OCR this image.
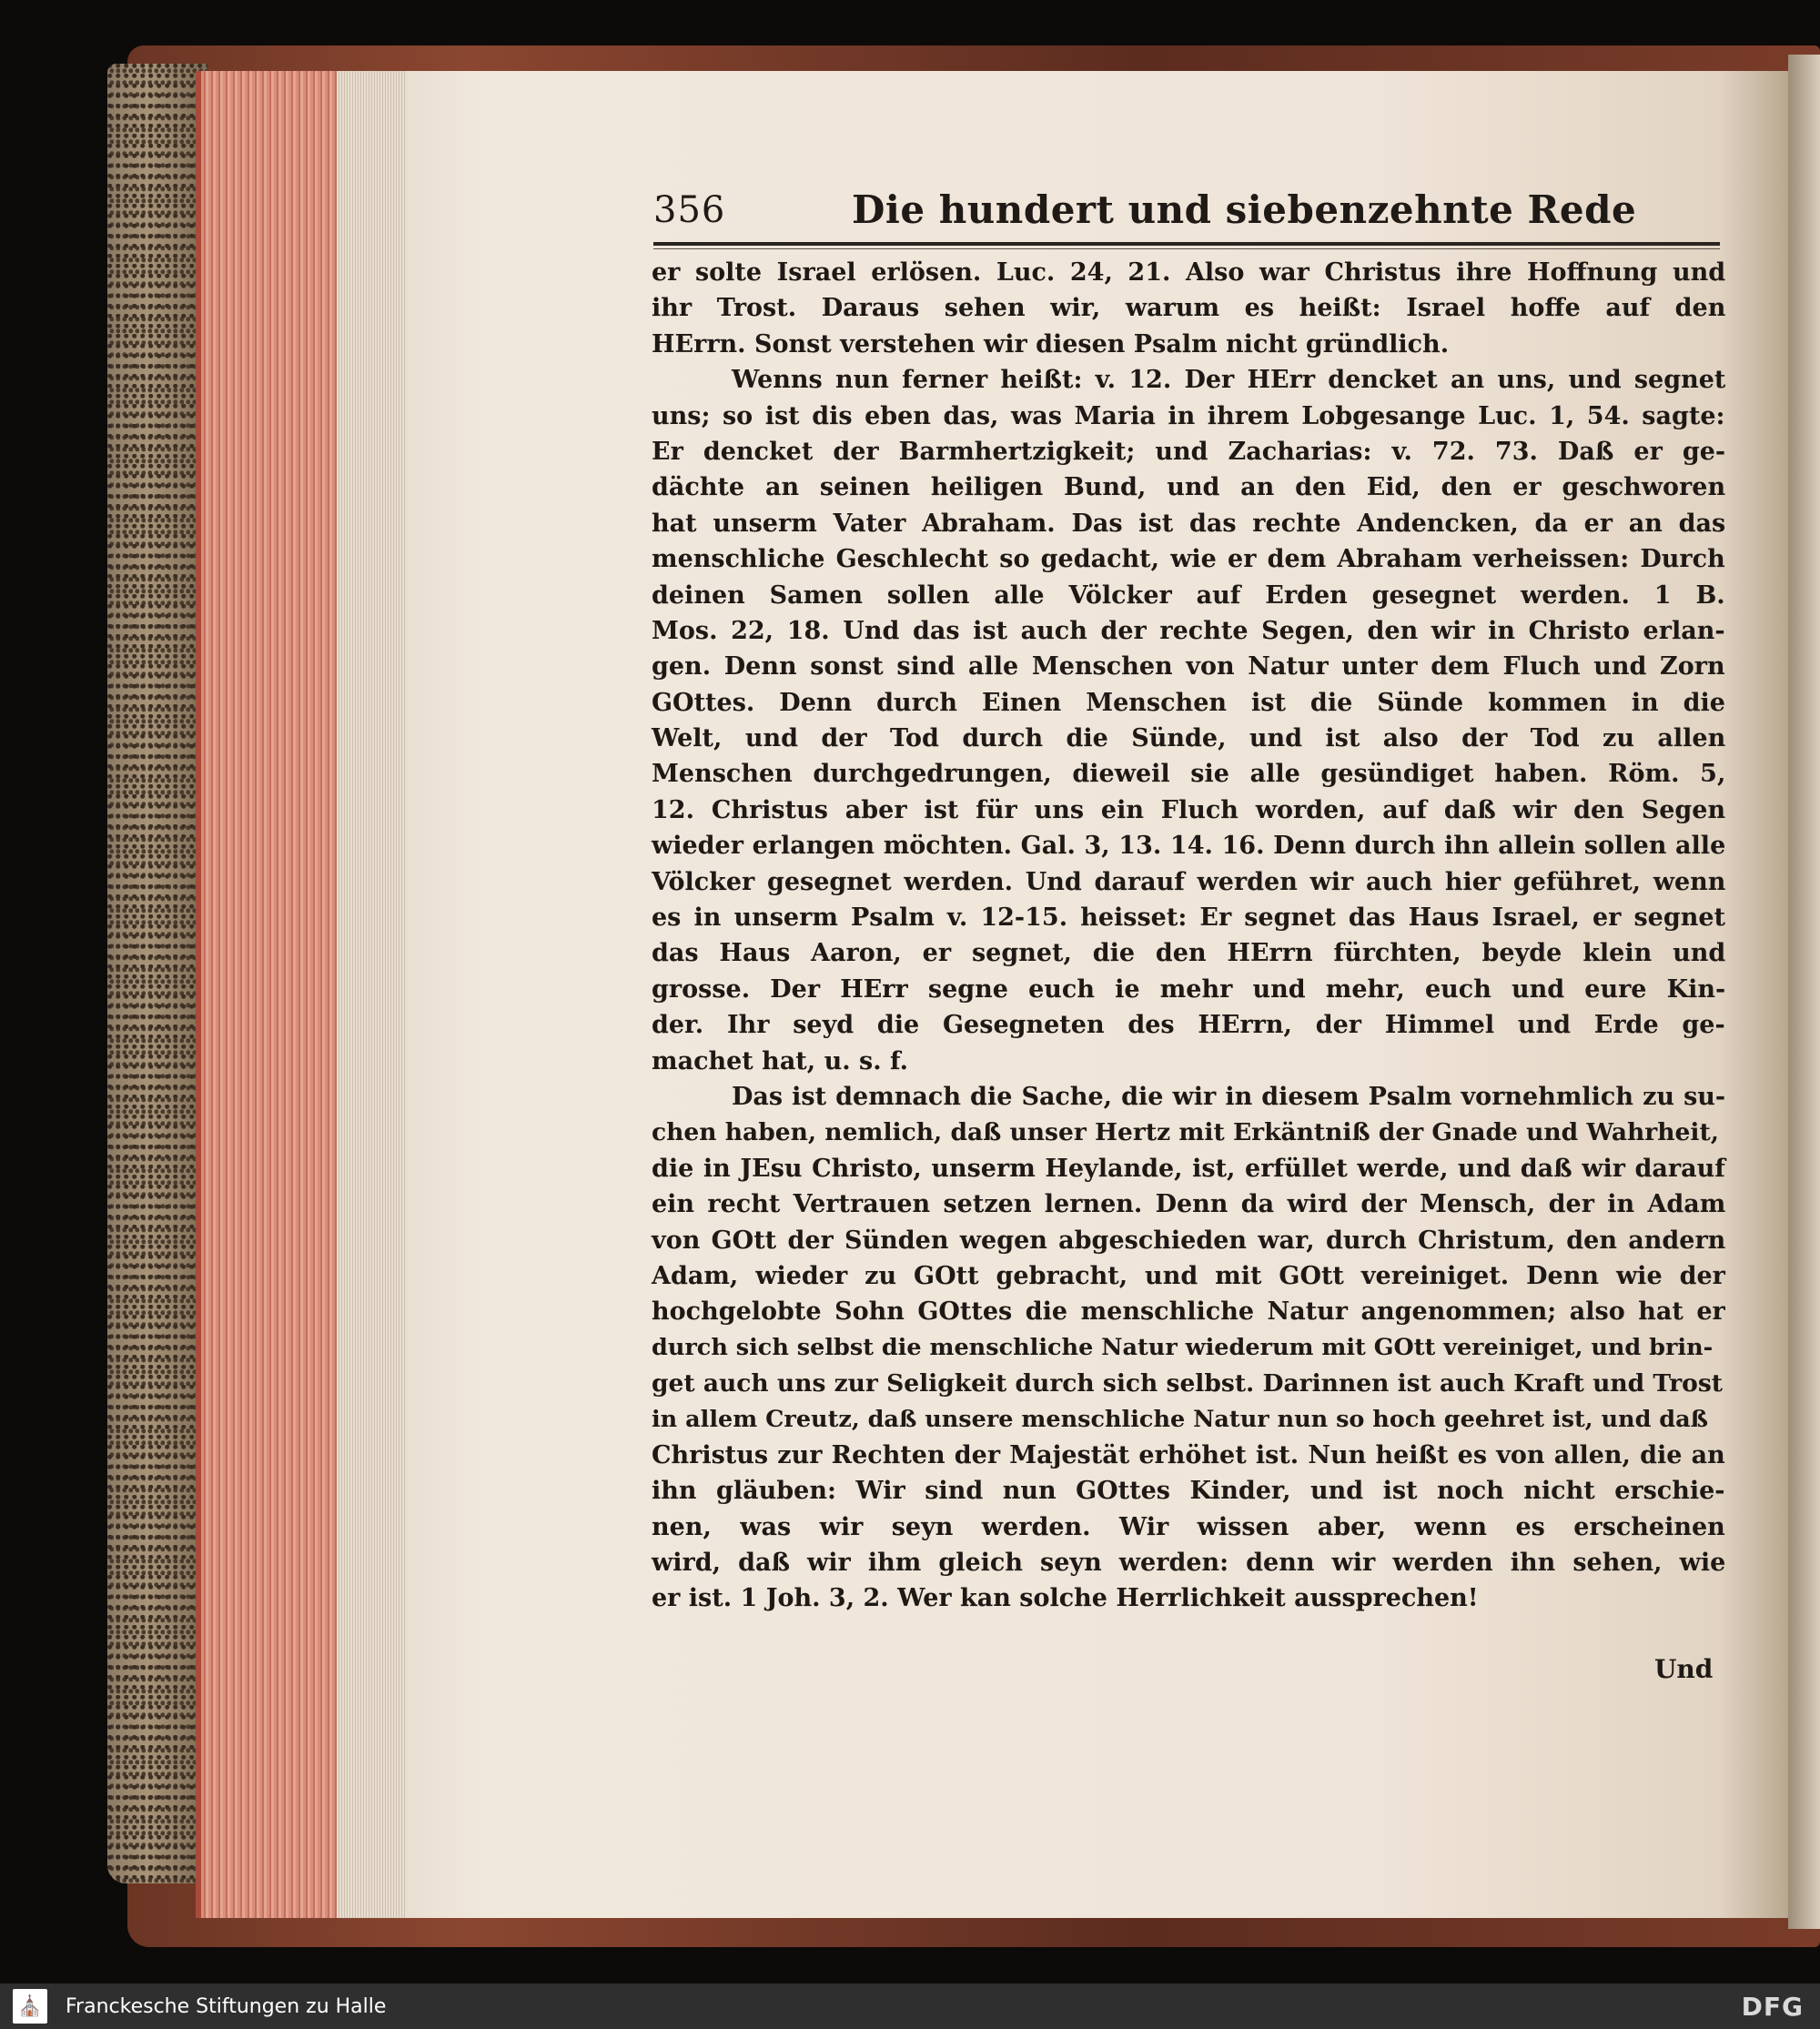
356	Die hundert und siebenzehnte Rede
er solte Israel erlösen. Luc. 24, 21. Also war Christus ihre Hoffnung und
ihr Trost. Daraus sehen wir, warum es heißt: Israel hoffe auf den
HErrn. Sonst verstehen wir diesen Psalm nicht gründlich.
Wenns nun ferner heißt: v. 12. Der HErr dencket an uns, und segnet
uns; so ist dis eben das, was Maria in ihrem Lobgesange Luc. 1, 54. sagte:
Er dencket der Barmhertzigkeit; und Zacharias: v. 72. 73. Daß er ge-
dächte an seinen heiligen Bund, und an den Eid, den er geschworen
hat unserm Vater Abraham. Das ist das rechte Andencken, da er an das
menschliche Geschlecht so gedacht, wie er dem Abraham verheissen: Durch
deinen Samen sollen alle Völcker auf Erden gesegnet werden. 1 B.
Mos. 22, 18. Und das ist auch der rechte Segen, den wir in Christo erlan-
gen. Denn sonst sind alle Menschen von Natur unter dem Fluch und Zorn
GOttes. Denn durch Einen Menschen ist die Sünde kommen in die
Welt, und der Tod durch die Sünde, und ist also der Tod zu allen
Menschen durchgedrungen, dieweil sie alle gesündiget haben. Röm. 5,
12. Christus aber ist für uns ein Fluch worden, auf daß wir den Segen
wieder erlangen möchten. Gal. 3, 13. 14. 16. Denn durch ihn allein sollen alle
Völcker gesegnet werden. Und darauf werden wir auch hier geführet, wenn
es in unserm Psalm v. 12-15. heisset: Er segnet das Haus Israel, er segnet
das Haus Aaron, er segnet, die den HErrn fürchten, beyde klein und
grosse. Der HErr segne euch ie mehr und mehr, euch und eure Kin-
der. Ihr seyd die Gesegneten des HErrn, der Himmel und Erde ge-
machet hat, u. s. f.
Das ist demnach die Sache, die wir in diesem Psalm vornehmlich zu su-
chen haben, nemlich, daß unser Hertz mit Erkäntniß der Gnade und Wahrheit,
die in JEsu Christo, unserm Heylande, ist, erfüllet werde, und daß wir darauf
ein recht Vertrauen setzen lernen. Denn da wird der Mensch, der in Adam
von GOtt der Sünden wegen abgeschieden war, durch Christum, den andern
Adam, wieder zu GOtt gebracht, und mit GOtt vereiniget. Denn wie der
hochgelobte Sohn GOttes die menschliche Natur angenommen; also hat er
durch sich selbst die menschliche Natur wiederum mit GOtt vereiniget, und brin-
get auch uns zur Seligkeit durch sich selbst. Darinnen ist auch Kraft und Trost
in allem Creutz, daß unsere menschliche Natur nun so hoch geehret ist, und daß
Christus zur Rechten der Majestät erhöhet ist. Nun heißt es von allen, die an
ihn gläuben: Wir sind nun GOttes Kinder, und ist noch nicht erschie-
nen, was wir seyn werden. Wir wissen aber, wenn es erscheinen
wird, daß wir ihm gleich seyn werden: denn wir werden ihn sehen, wie
er ist. 1 Joh. 3, 2. Wer kan solche Herrlichkeit aussprechen!
Und
⛪ Franckesche Stiftungen zu Halle	DFG
